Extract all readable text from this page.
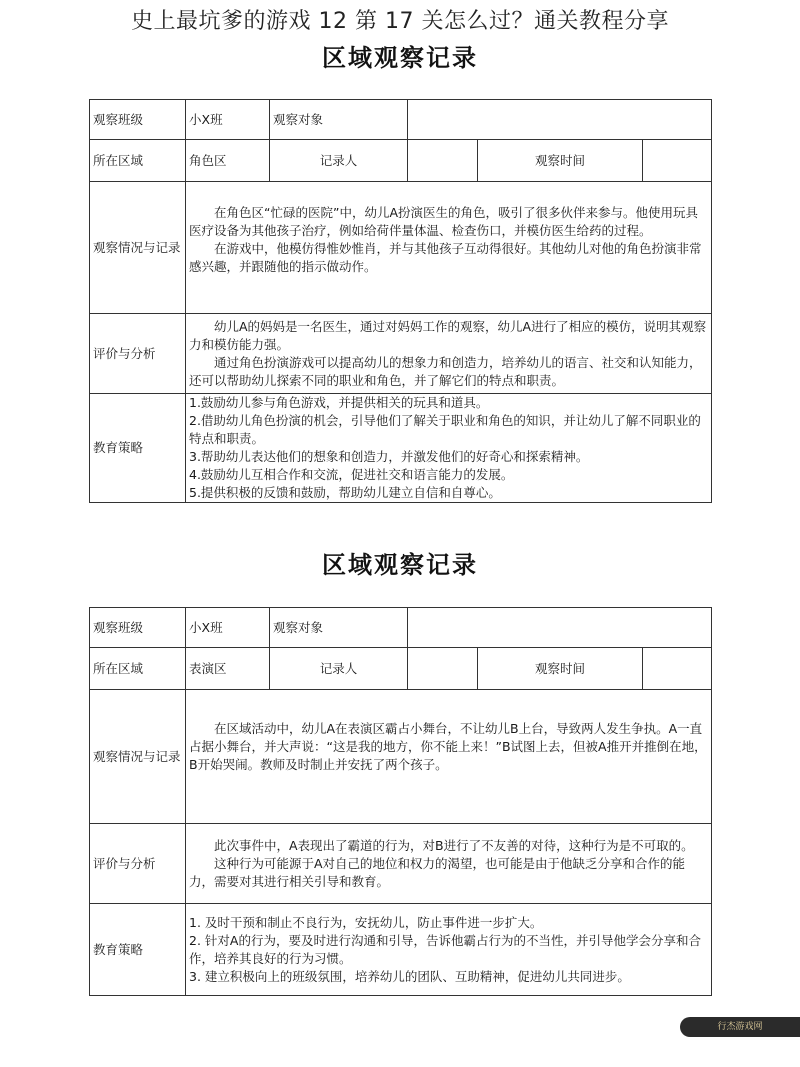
史上最坑爹的游戏 12 第 17 关怎么过？通关教程分享
区域观察记录
观察班级	小X班	观察对象			
所在区域	角色区	记录人		观察时间	
观察情况与记录	在角色区“忙碌的医院”中，幼儿A扮演医生的角色，吸引了很多伙伴来参与。他使用玩具医疗设备为其他孩子治疗，例如给荷伴量体温、检查伤口，并模仿医生给药的过程。

在游戏中，他模仿得惟妙惟肖，并与其他孩子互动得很好。其他幼儿对他的角色扮演非常感兴趣，并跟随他的指示做动作。				

评价与分析	幼儿A的妈妈是一名医生，通过对妈妈工作的观察，幼儿A进行了相应的模仿，说明其观察力和模仿能力强。

通过角色扮演游戏可以提高幼儿的想象力和创造力，培养幼儿的语言、社交和认知能力，还可以帮助幼儿探索不同的职业和角色，并了解它们的特点和职责。				

教育策略	1.鼓励幼儿参与角色游戏，并提供相关的玩具和道具。

2.借助幼儿角色扮演的机会，引导他们了解关于职业和角色的知识，并让幼儿了解不同职业的特点和职责。

3.帮助幼儿表达他们的想象和创造力，并激发他们的好奇心和探索精神。

4.鼓励幼儿互相合作和交流，促进社交和语言能力的发展。

5.提供积极的反馈和鼓励，帮助幼儿建立自信和自尊心。				

区域观察记录
观察班级	小X班	观察对象			
所在区域	表演区	记录人		观察时间	
观察情况与记录	在区域活动中，幼儿A在表演区霸占小舞台，不让幼儿B上台，导致两人发生争执。A一直占据小舞台，并大声说：“这是我的地方，你不能上来！”B试图上去，但被A推开并推倒在地，B开始哭闹。教师及时制止并安抚了两个孩子。				

评价与分析	此次事件中，A表现出了霸道的行为，对B进行了不友善的对待，这种行为是不可取的。

这种行为可能源于A对自己的地位和权力的渴望，也可能是由于他缺乏分享和合作的能力，需要对其进行相关引导和教育。				

教育策略	1. 及时干预和制止不良行为，安抚幼儿，防止事件进一步扩大。

2. 针对A的行为，要及时进行沟通和引导，告诉他霸占行为的不当性，并引导他学会分享和合作，培养其良好的行为习惯。

3. 建立积极向上的班级氛围，培养幼儿的团队、互助精神，促进幼儿共同进步。				

行杰游戏网
